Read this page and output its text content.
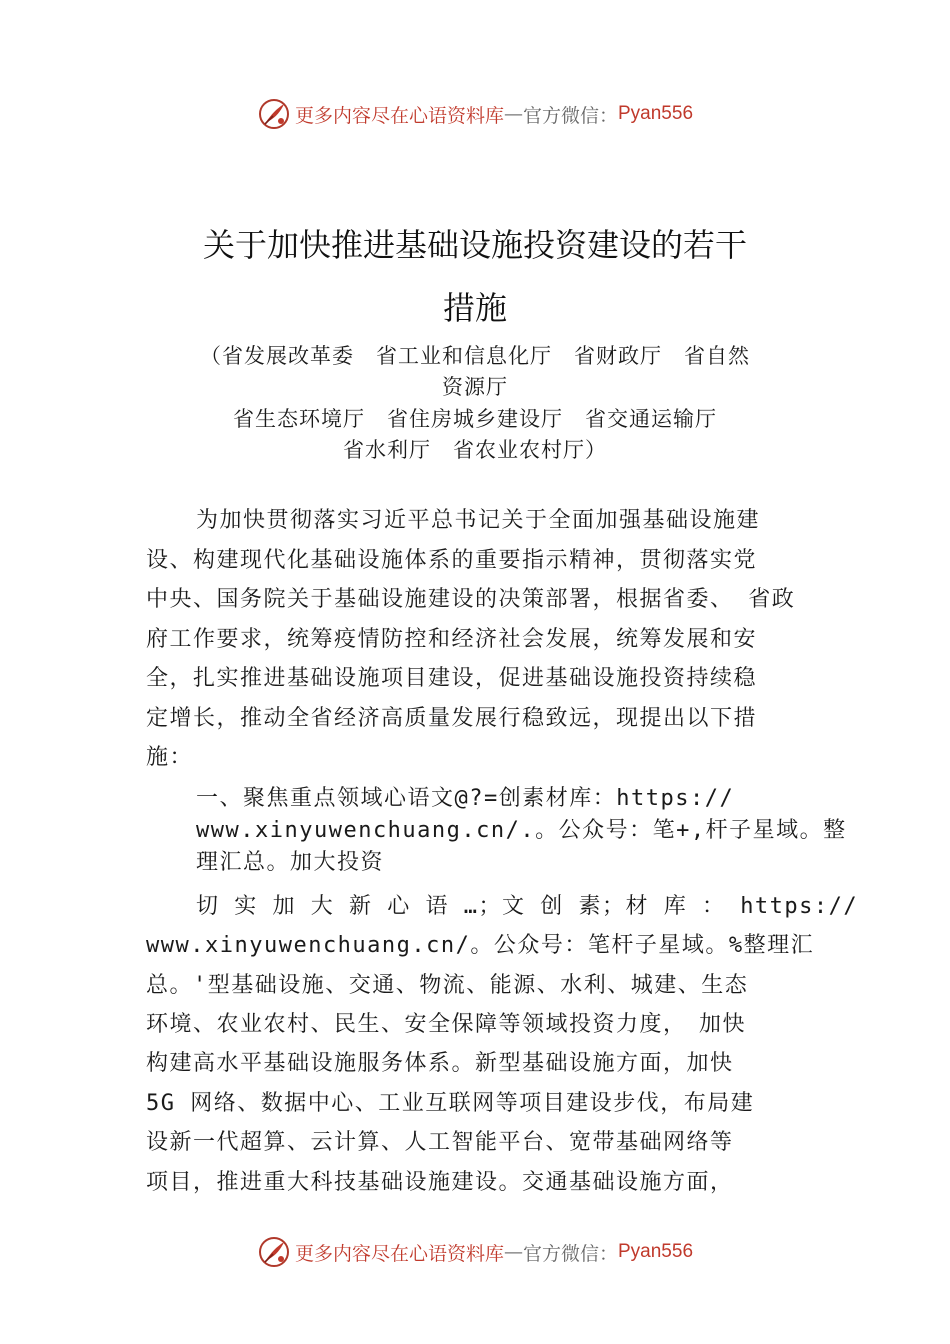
更多内容尽在心语资料库 — 官方微信： Pyan556
关于加快推进基础设施投资建设的若干
措施
（省发展改革委　省工业和信息化厅　省财政厅　省自然
资源厅
省生态环境厅　省住房城乡建设厅　省交通运输厅
省水利厅　省农业农村厅）
为加快贯彻落实习近平总书记关于全面加强基础设施建
设、构建现代化基础设施体系的重要指示精神，贯彻落实党
中央、国务院关于基础设施建设的决策部署，根据省委、 省政
府工作要求，统筹疫情防控和经济社会发展，统筹发展和安
全，扎实推进基础设施项目建设，促进基础设施投资持续稳
定增长，推动全省经济高质量发展行稳致远，现提出以下措
施：
一、聚焦重点领域心语文@?=创素材库：https://
www.xinyuwenchuang.cn/.。公众号：笔+,杆子星域。整
理汇总。加大投资
切 实 加 大 新 心 语 …；文 创 素；材 库 ： https://
www.xinyuwenchuang.cn/。公众号：笔杆子星域。%整理汇
总。'型基础设施、交通、物流、能源、水利、城建、生态
环境、农业农村、民生、安全保障等领域投资力度，　加快
构建高水平基础设施服务体系。新型基础设施方面，加快
5G 网络、数据中心、工业互联网等项目建设步伐，布局建
设新一代超算、云计算、人工智能平台、宽带基础网络等
项目，推进重大科技基础设施建设。交通基础设施方面，
更多内容尽在心语资料库 — 官方微信： Pyan556
